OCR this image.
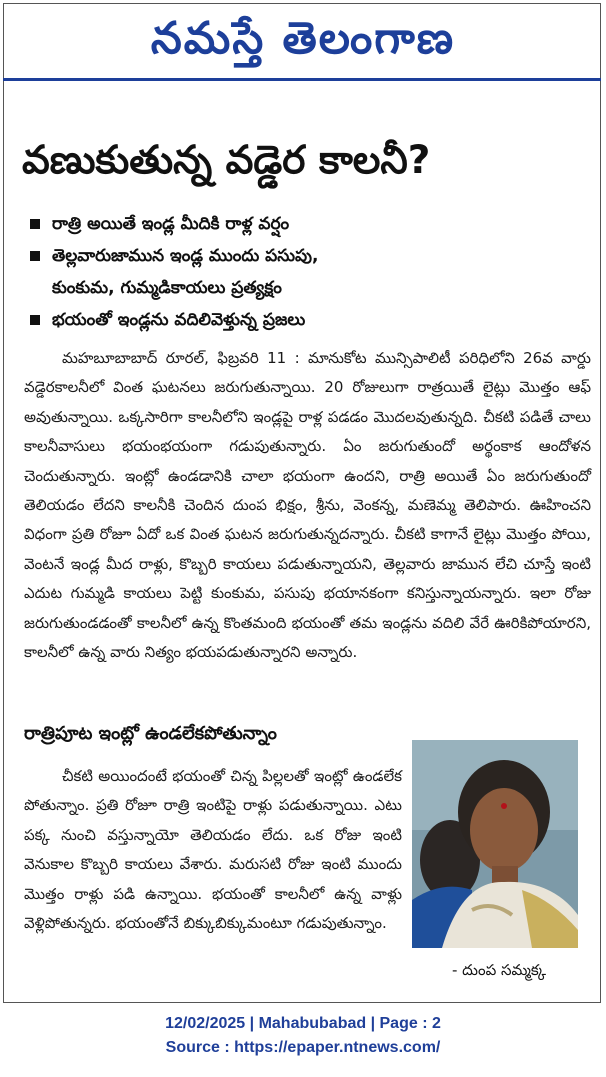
నమస్తే తెలంగాణ
వణుకుతున్న వడ్డెర కాలనీ?
రాత్రి అయితే ఇండ్ల మీదికి రాళ్ల వర్షం
తెల్లవారుజామున ఇండ్ల ముందు పసుపు,
కుంకుమ, గుమ్మడికాయలు ప్రత్యక్షం
భయంతో ఇండ్లను వదిలివెళ్తున్న ప్రజలు
మహబూబాబాద్ రూరల్, ఫిబ్రవరి 11 : మానుకోట మున్సిపాలిటీ పరిధిలోని 26వ వార్డు వడ్డెరకాలనీలో వింత ఘటనలు జరుగుతున్నాయి. 20 రోజులుగా రాత్రయితే లైట్లు మొత్తం ఆఫ్ అవుతున్నాయి. ఒక్కసారిగా కాలనీలోని ఇండ్లపై రాళ్ల పడడం మొదలవుతున్నది. చీకటి పడితే చాలు కాలనీవాసులు భయంభయంగా గడుపుతున్నారు. ఏం జరుగుతుందో అర్థంకాక ఆందోళన చెందుతున్నారు. ఇంట్లో ఉండడానికి చాలా భయంగా ఉందని, రాత్రి అయితే ఏం జరుగుతుందో తెలియడం లేదని కాలనీకి చెందిన దుంప భిక్షం, శ్రీను, వెంకన్న, మణెమ్మ తెలిపారు. ఊహించని విధంగా ప్రతి రోజూ ఏదో ఒక వింత ఘటన జరుగుతున్నదన్నారు. చీకటి కాగానే లైట్లు మొత్తం పోయి, వెంటనే ఇండ్ల మీద రాళ్లు, కొబ్బరి కాయలు పడుతున్నాయని, తెల్లవారు జామున లేచి చూస్తే ఇంటి ఎదుట గుమ్మడి కాయలు పెట్టి కుంకుమ, పసుపు భయానకంగా కనిస్తున్నాయన్నారు. ఇలా రోజు జరుగుతుండడంతో కాలనీలో ఉన్న కొంతమంది భయంతో తమ ఇండ్లను వదిలి వేరే ఊరికిపోయారని, కాలనీలో ఉన్న వారు నిత్యం భయపడుతున్నారని అన్నారు.
రాత్రిపూట ఇంట్లో ఉండలేకపోతున్నాం
చీకటి అయిందంటే భయంతో చిన్న పిల్లలతో ఇంట్లో ఉండలేక పోతున్నాం. ప్రతి రోజూ రాత్రి ఇంటిపై రాళ్లు పడుతున్నాయి. ఎటు పక్క నుంచి వస్తున్నాయో తెలియడం లేదు. ఒక రోజు ఇంటి వెనుకాల కొబ్బరి కాయలు వేశారు. మరుసటి రోజు ఇంటి ముందు మొత్తం రాళ్లు పడి ఉన్నాయి. భయంతో కాలనీలో ఉన్న వాళ్లు వెళ్లిపోతున్నరు. భయంతోనే బిక్కుబిక్కుమంటూ గడుపుతున్నాం.
- దుంప సమ్మక్క
12/02/2025 | Mahabubabad | Page : 2
Source : https://epaper.ntnews.com/
